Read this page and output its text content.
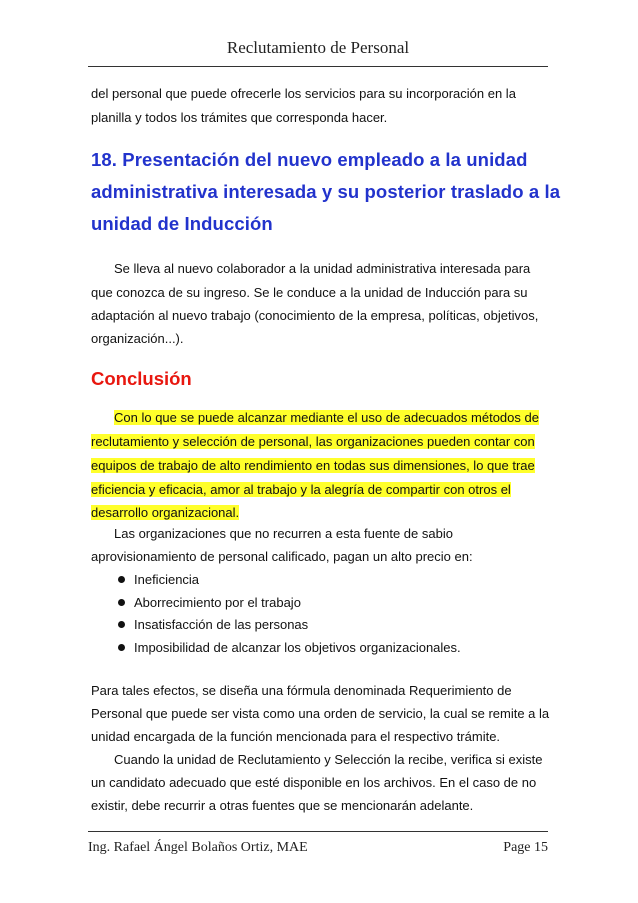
Reclutamiento de Personal
del personal que puede ofrecerle los servicios para su incorporación en la
planilla y todos los trámites que corresponda hacer.
18. Presentación del nuevo empleado a la unidad
administrativa interesada y su posterior traslado a la
unidad de Inducción
Se lleva al nuevo colaborador a la unidad administrativa interesada para
que conozca de su ingreso. Se le conduce a la unidad de Inducción para su
adaptación al nuevo trabajo (conocimiento de la empresa, políticas, objetivos,
organización...).
Conclusión
Con lo que se puede alcanzar mediante el uso de adecuados métodos de
reclutamiento y selección de personal, las organizaciones pueden contar con
equipos de trabajo de alto rendimiento en todas sus dimensiones, lo que trae
eficiencia y eficacia, amor al trabajo y la alegría de compartir con otros el
desarrollo organizacional.
Las organizaciones que no recurren a esta fuente de sabio
aprovisionamiento de personal calificado, pagan un alto precio en:
Ineficiencia
Aborrecimiento por el trabajo
Insatisfacción de las personas
Imposibilidad de alcanzar los objetivos organizacionales.
Para tales efectos, se diseña una fórmula denominada Requerimiento de
Personal que puede ser vista como una orden de servicio, la cual se remite a la
unidad encargada de la función mencionada para el respectivo trámite.
Cuando la unidad de Reclutamiento y Selección la recibe, verifica si existe
un candidato adecuado que esté disponible en los archivos. En el caso de no
existir, debe recurrir a otras fuentes que se mencionarán adelante.
Ing. Rafael Ángel Bolaños Ortiz, MAE	Page 15
